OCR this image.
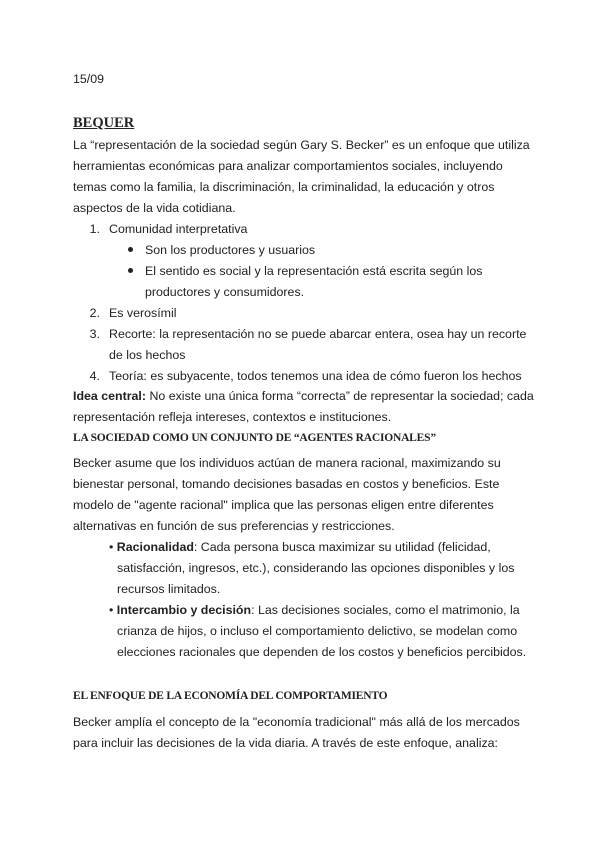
15/09
BEQUER
La “representación de la sociedad según Gary S. Becker” es un enfoque que utiliza
herramientas económicas para analizar comportamientos sociales, incluyendo
temas como la familia, la discriminación, la criminalidad, la educación y otros
aspectos de la vida cotidiana.
1. Comunidad interpretativa
Son los productores y usuarios
El sentido es social y la representación está escrita según los
productores y consumidores.
2. Es verosímil
3. Recorte: la representación no se puede abarcar entera, osea hay un recorte
de los hechos
4. Teoría: es subyacente, todos tenemos una idea de cómo fueron los hechos
Idea central: No existe una única forma “correcta” de representar la sociedad; cada
representación refleja intereses, contextos e instituciones.
LA SOCIEDAD COMO UN CONJUNTO DE “AGENTES RACIONALES”
Becker asume que los individuos actúan de manera racional, maximizando su
bienestar personal, tomando decisiones basadas en costos y beneficios. Este
modelo de "agente racional" implica que las personas eligen entre diferentes
alternativas en función de sus preferencias y restricciones.
• Racionalidad: Cada persona busca maximizar su utilidad (felicidad,
satisfacción, ingresos, etc.), considerando las opciones disponibles y los
recursos limitados.
• Intercambio y decisión: Las decisiones sociales, como el matrimonio, la
crianza de hijos, o incluso el comportamiento delictivo, se modelan como
elecciones racionales que dependen de los costos y beneficios percibidos.
EL ENFOQUE DE LA ECONOMÍA DEL COMPORTAMIENTO
Becker amplía el concepto de la "economía tradicional" más allá de los mercados
para incluir las decisiones de la vida diaria. A través de este enfoque, analiza:
